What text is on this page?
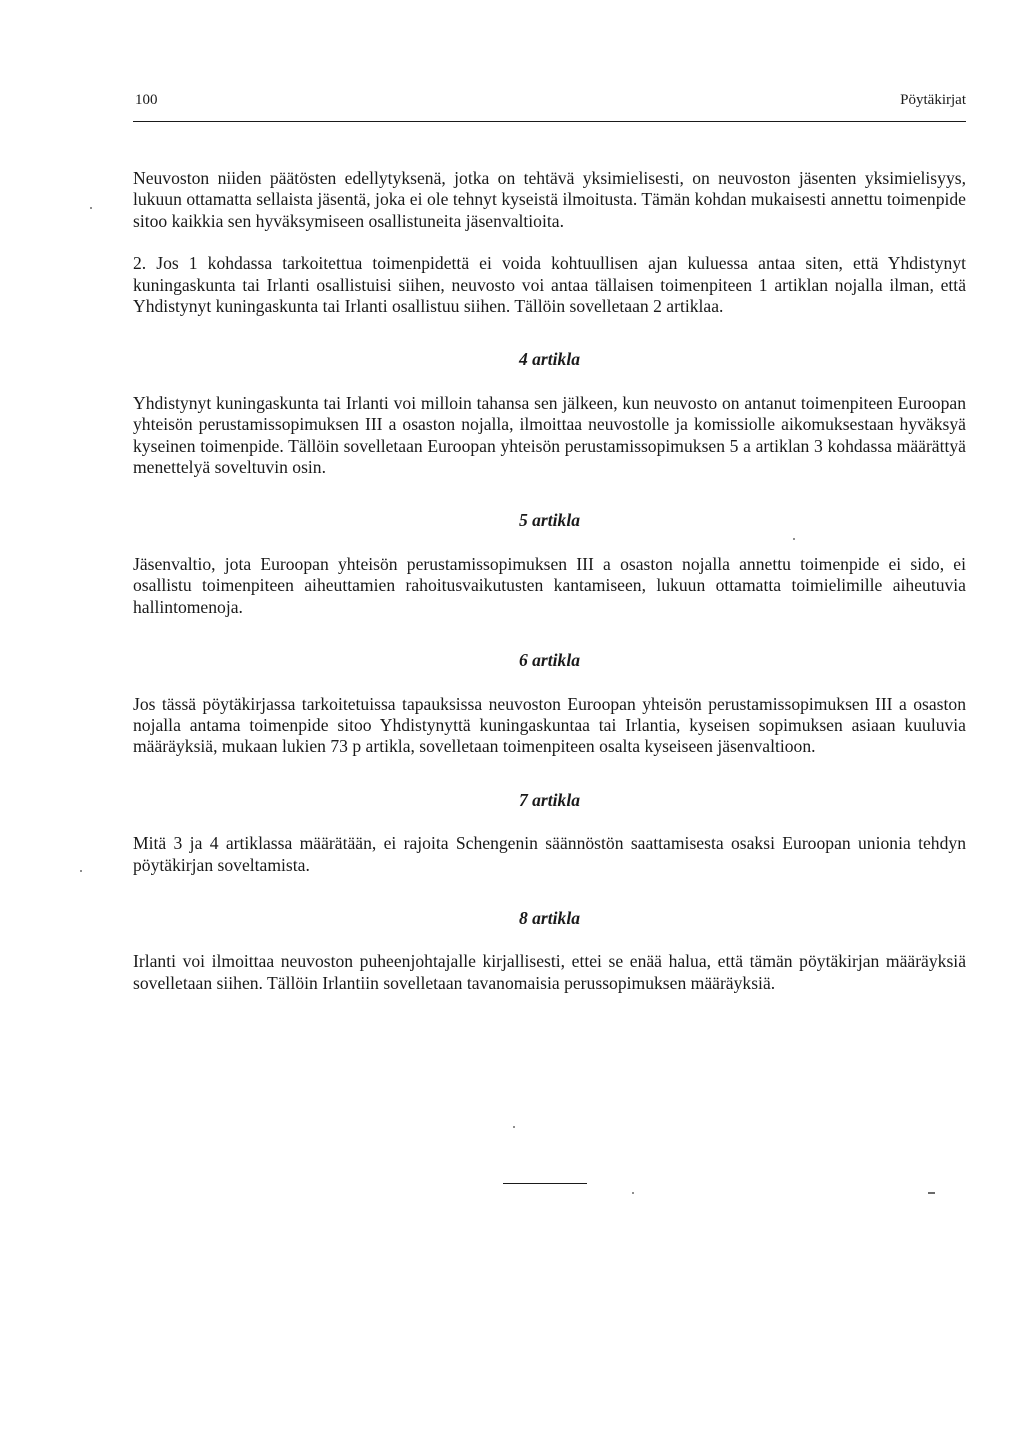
100	Pöytäkirjat

Neuvoston niiden päätösten edellytyksenä, jotka on tehtävä yksimielisesti, on neuvoston jäsenten yksimielisyys, lukuun ottamatta sellaista jäsentä, joka ei ole tehnyt kyseistä ilmoitusta. Tämän kohdan mukaisesti annettu toimenpide sitoo kaikkia sen hyväksymiseen osallistuneita jäsenvaltioita.

2. Jos 1 kohdassa tarkoitettua toimenpidettä ei voida kohtuullisen ajan kuluessa antaa siten, että Yhdistynyt kuningaskunta tai Irlanti osallistuisi siihen, neuvosto voi antaa tällaisen toimenpiteen 1 artiklan nojalla ilman, että Yhdistynyt kuningaskunta tai Irlanti osallistuu siihen. Tällöin sovelletaan 2 artiklaa.

4 artikla

Yhdistynyt kuningaskunta tai Irlanti voi milloin tahansa sen jälkeen, kun neuvosto on antanut toimenpiteen Euroopan yhteisön perustamissopimuksen III a osaston nojalla, ilmoittaa neuvostolle ja komissiolle aikomuksestaan hyväksyä kyseinen toimenpide. Tällöin sovelletaan Euroopan yhteisön perustamissopimuksen 5 a artiklan 3 kohdassa määrättyä menettelyä soveltuvin osin.

5 artikla

Jäsenvaltio, jota Euroopan yhteisön perustamissopimuksen III a osaston nojalla annettu toimenpide ei sido, ei osallistu toimenpiteen aiheuttamien rahoitusvaikutusten kantamiseen, lukuun ottamatta toimielimille aiheutuvia hallintomenoja.

6 artikla

Jos tässä pöytäkirjassa tarkoitetuissa tapauksissa neuvoston Euroopan yhteisön perustamissopimuksen III a osaston nojalla antama toimenpide sitoo Yhdistynyttä kuningaskuntaa tai Irlantia, kyseisen sopimuksen asiaan kuuluvia määräyksiä, mukaan lukien 73 p artikla, sovelletaan toimenpiteen osalta kyseiseen jäsenvaltioon.

7 artikla

Mitä 3 ja 4 artiklassa määrätään, ei rajoita Schengenin säännöstön saattamisesta osaksi Euroopan unionia tehdyn pöytäkirjan soveltamista.

8 artikla

Irlanti voi ilmoittaa neuvoston puheenjohtajalle kirjallisesti, ettei se enää halua, että tämän pöytäkirjan määräyksiä sovelletaan siihen. Tällöin Irlantiin sovelletaan tavanomaisia perussopimuksen määräyksiä.
